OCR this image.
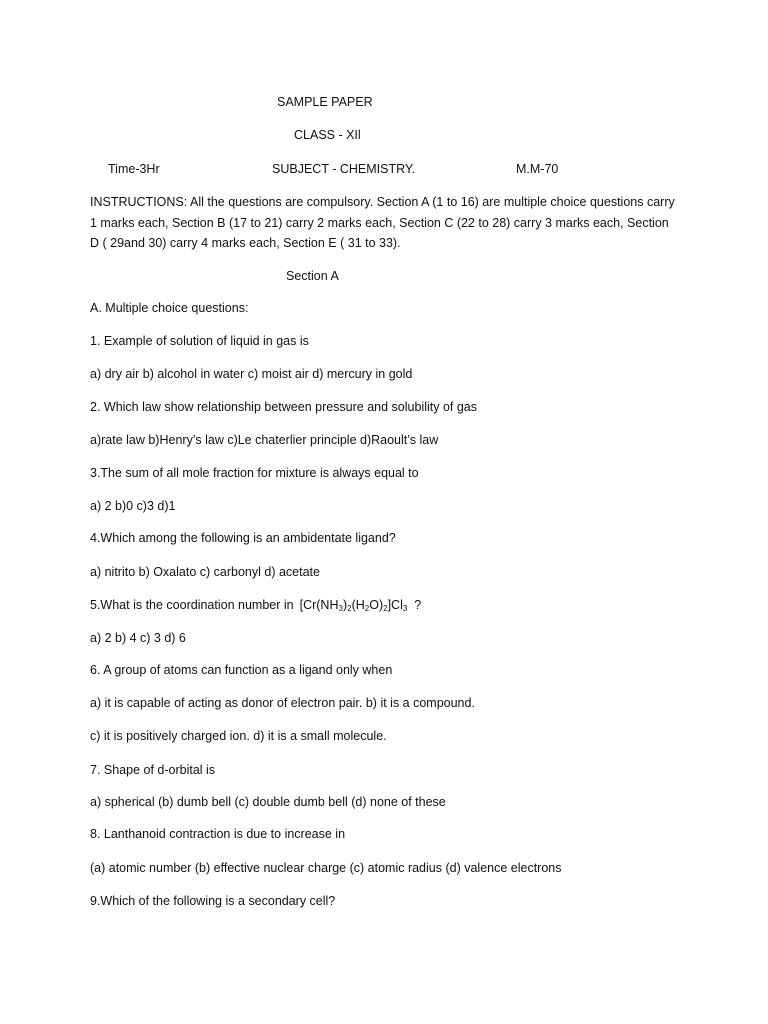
SAMPLE PAPER
CLASS - XIl
Time-3Hr	SUBJECT - CHEMISTRY.	M.M-70
INSTRUCTIONS: All the questions are compulsory. Section A (1 to 16) are multiple choice questions carry 1 marks each, Section B (17 to 21) carry 2 marks each, Section C (22 to 28) carry 3 marks each, Section D ( 29and 30) carry 4 marks each, Section E ( 31 to 33).
Section A
A. Multiple choice questions:
1. Example of solution of liquid in gas is
a) dry air b) alcohol in water c) moist air d) mercury in gold
2. Which law show relationship between pressure and solubility of gas
a)rate law b)Henry’s law c)Le chaterlier principle d)Raoult’s law
3.The sum of all mole fraction for mixture is always equal to
a) 2 b)0 c)3 d)1
4.Which among the following is an ambidentate ligand?
a) nitrito b) Oxalato c) carbonyl d) acetate
5.What is the coordination number in $[Cr(NH_3)_2(H_2O)_2]Cl_3$  ?
a) 2 b) 4 c) 3 d) 6
6. A group of atoms can function as a ligand only when
a) it is capable of acting as donor of electron pair. b) it is a compound.
c) it is positively charged ion. d) it is a small molecule.
7. Shape of d-orbital is
a) spherical (b) dumb bell (c) double dumb bell (d) none of these
8. Lanthanoid contraction is due to increase in
(a) atomic number (b) effective nuclear charge (c) atomic radius (d) valence electrons
9.Which of the following is a secondary cell?
